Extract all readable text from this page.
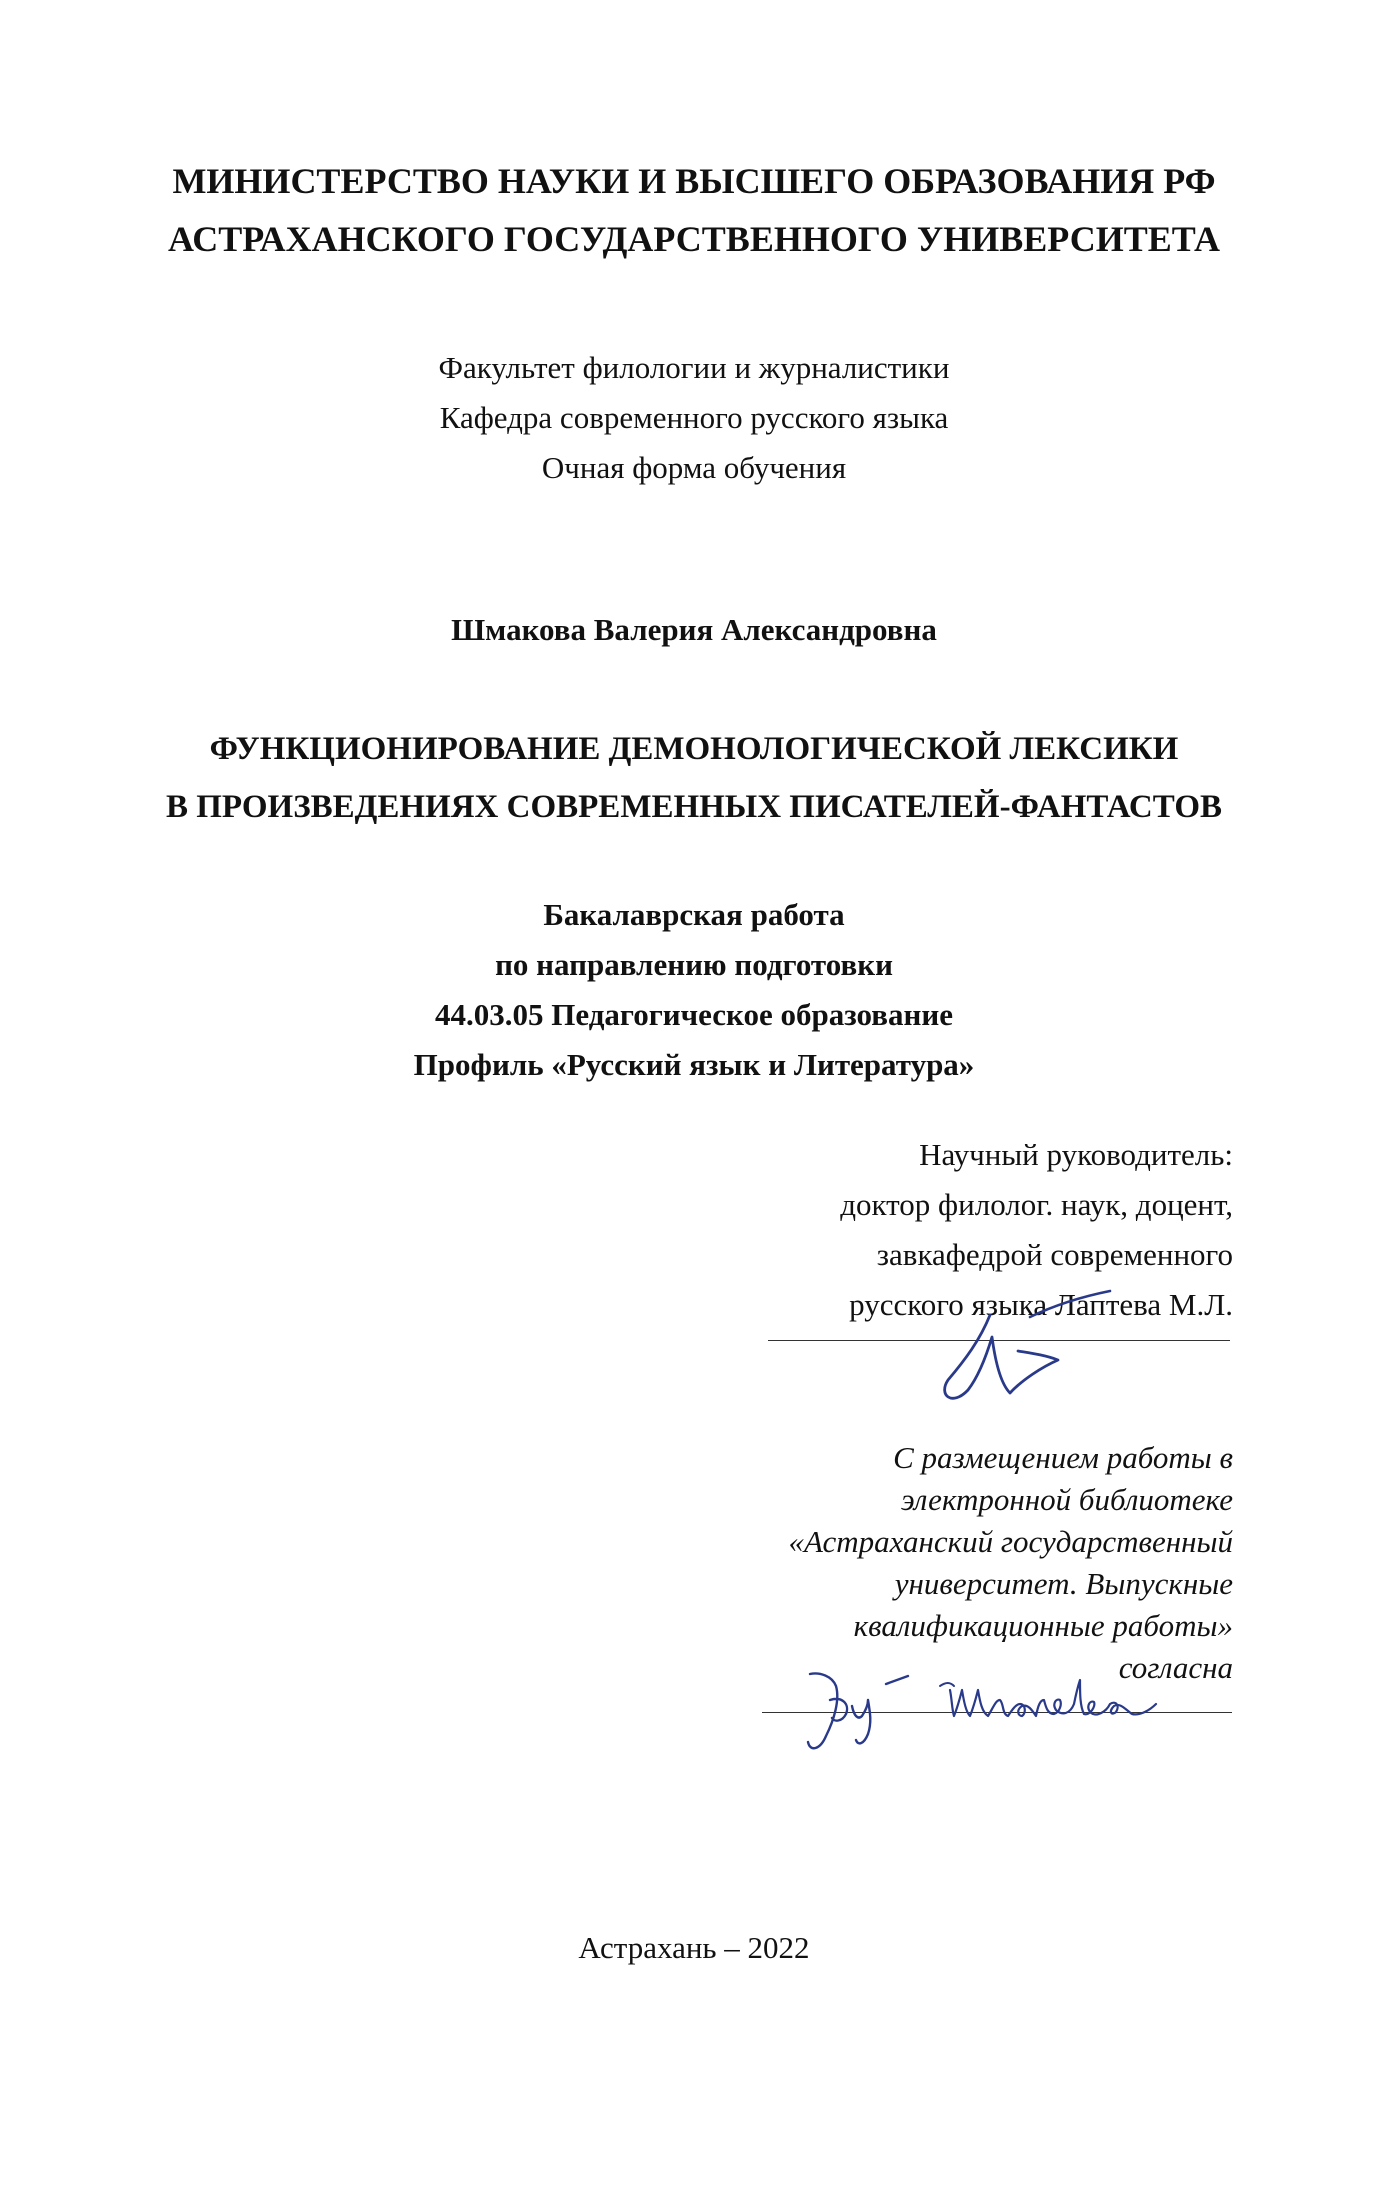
МИНИСТЕРСТВО НАУКИ И ВЫСШЕГО ОБРАЗОВАНИЯ РФ
АСТРАХАНСКОГО ГОСУДАРСТВЕННОГО УНИВЕРСИТЕТА
Факультет филологии и журналистики
Кафедра современного русского языка
Очная форма обучения
Шмакова Валерия Александровна
ФУНКЦИОНИРОВАНИЕ ДЕМОНОЛОГИЧЕСКОЙ ЛЕКСИКИ
В ПРОИЗВЕДЕНИЯХ СОВРЕМЕННЫХ ПИСАТЕЛЕЙ-ФАНТАСТОВ
Бакалаврская работа
по направлению подготовки
44.03.05 Педагогическое образование
Профиль «Русский язык и Литература»
Научный руководитель:
доктор филолог. наук, доцент,
завкафедрой современного
русского языка Лаптева М.Л.
С размещением работы в
электронной библиотеке
«Астраханский государственный
университет. Выпускные
квалификационные работы»
согласна
Астрахань – 2022
